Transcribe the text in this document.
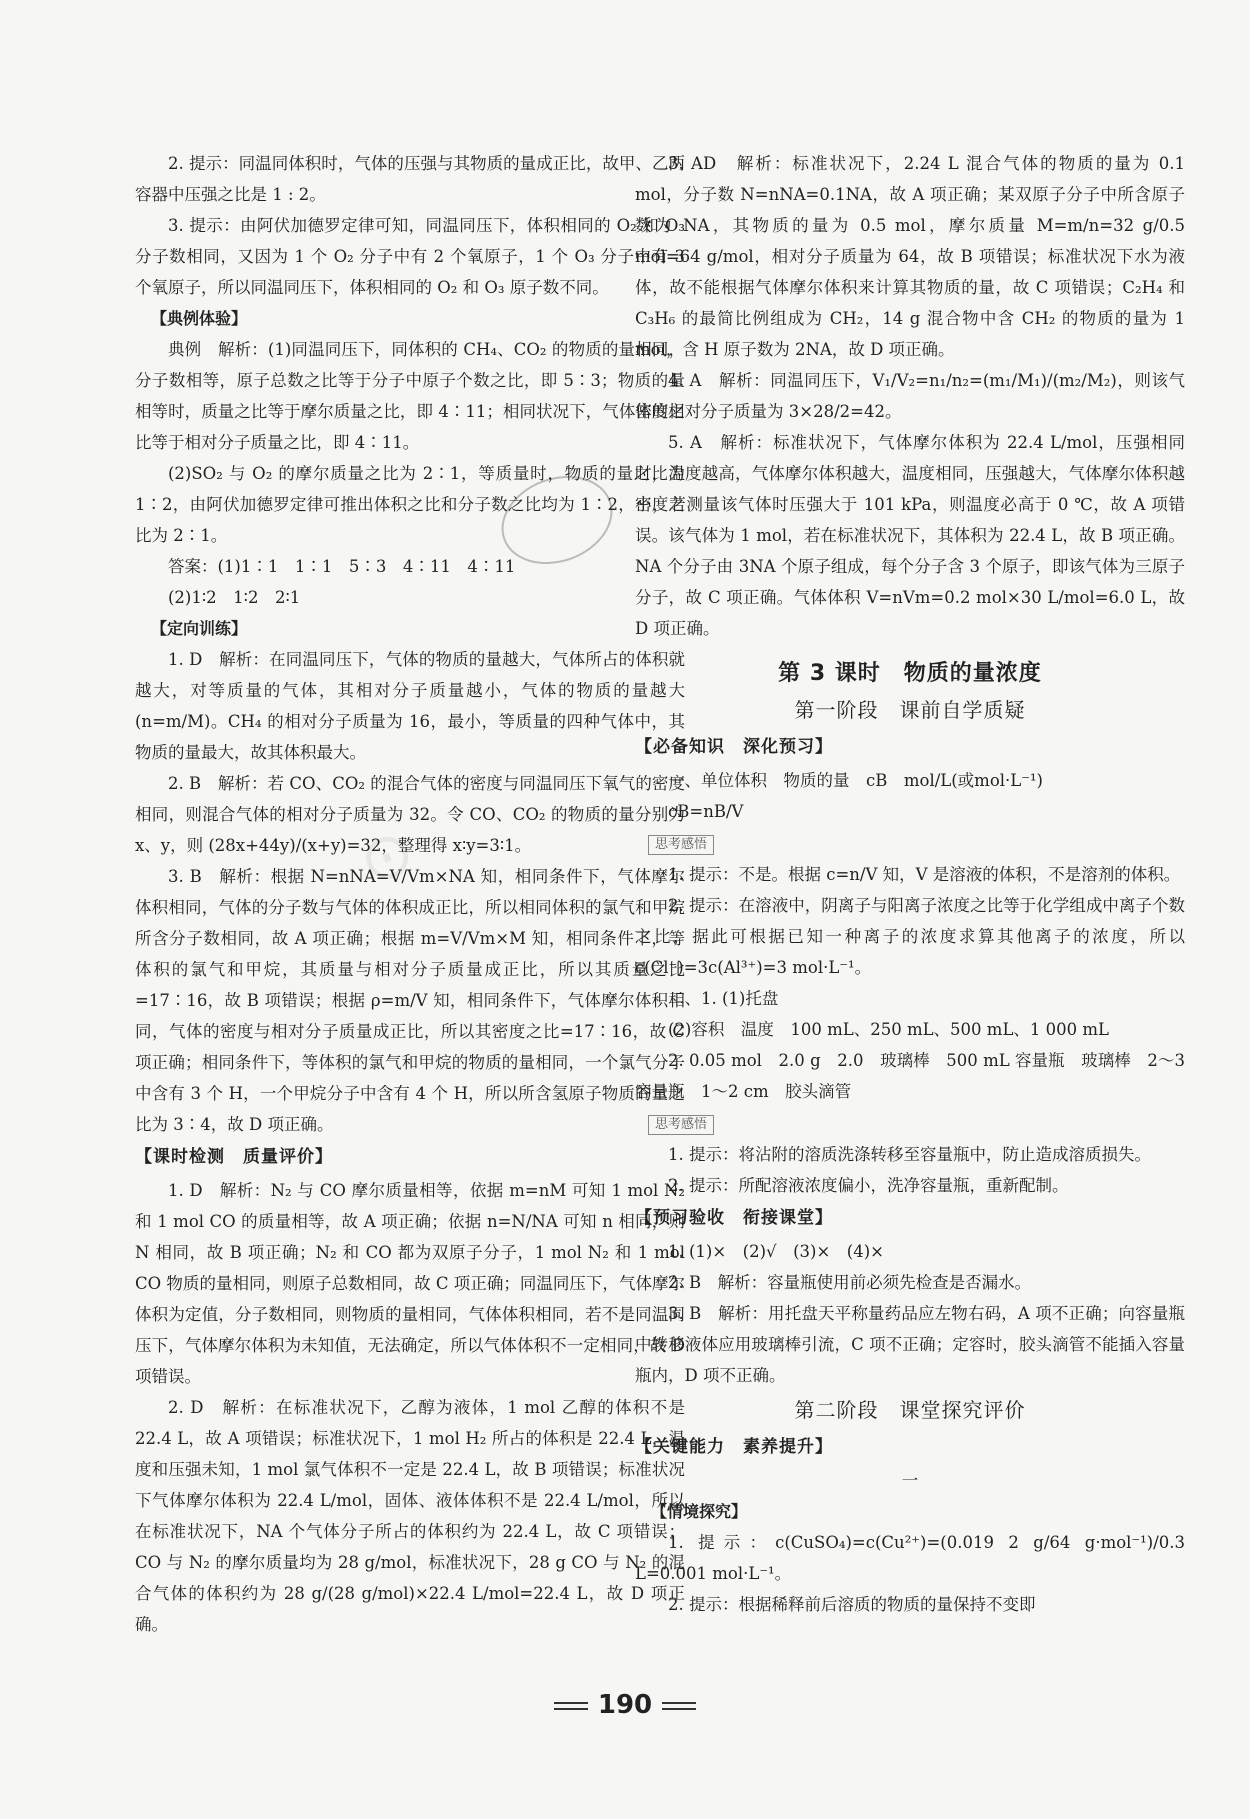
⊙
2. 提示：同温同体积时，气体的压强与其物质的量成正比，故甲、乙两容器中压强之比是 1 : 2。
3. 提示：由阿伏加德罗定律可知，同温同压下，体积相同的 O₂ 和 O₃ 分子数相同，又因为 1 个 O₂ 分子中有 2 个氧原子，1 个 O₃ 分子中有 3 个氧原子，所以同温同压下，体积相同的 O₂ 和 O₃ 原子数不同。
【典例体验】
典例　解析：(1)同温同压下，同体积的 CH₄、CO₂ 的物质的量相同，分子数相等，原子总数之比等于分子中原子个数之比，即 5∶3；物质的量相等时，质量之比等于摩尔质量之比，即 4∶11；相同状况下，气体密度之比等于相对分子质量之比，即 4∶11。
(2)SO₂ 与 O₂ 的摩尔质量之比为 2∶1，等质量时，物质的量之比为 1∶2，由阿伏加德罗定律可推出体积之比和分子数之比均为 1∶2，密度之比为 2∶1。
答案：(1)1∶1　1∶1　5∶3　4∶11　4∶11
(2)1∶2　1∶2　2∶1
【定向训练】
1. D　解析：在同温同压下，气体的物质的量越大，气体所占的体积就越大，对等质量的气体，其相对分子质量越小，气体的物质的量越大(n=m/M)。CH₄ 的相对分子质量为 16，最小，等质量的四种气体中，其物质的量最大，故其体积最大。
2. B　解析：若 CO、CO₂ 的混合气体的密度与同温同压下氧气的密度相同，则混合气体的相对分子质量为 32。令 CO、CO₂ 的物质的量分别为 x、y，则 (28x+44y)/(x+y)=32，整理得 x∶y=3∶1。
3. B　解析：根据 N=nNA=V/Vm×NA 知，相同条件下，气体摩尔体积相同，气体的分子数与气体的体积成正比，所以相同体积的氯气和甲烷所含分子数相同，故 A 项正确；根据 m=V/Vm×M 知，相同条件下，等体积的氯气和甲烷，其质量与相对分子质量成正比，所以其质量之比=17∶16，故 B 项错误；根据 ρ=m/V 知，相同条件下，气体摩尔体积相同，气体的密度与相对分子质量成正比，所以其密度之比=17∶16，故 C 项正确；相同条件下，等体积的氯气和甲烷的物质的量相同，一个氯气分子中含有 3 个 H，一个甲烷分子中含有 4 个 H，所以所含氢原子物质的量之比为 3∶4，故 D 项正确。
【课时检测　质量评价】
1. D　解析：N₂ 与 CO 摩尔质量相等，依据 m=nM 可知 1 mol N₂ 和 1 mol CO 的质量相等，故 A 项正确；依据 n=N/NA 可知 n 相同，则 N 相同，故 B 项正确；N₂ 和 CO 都为双原子分子，1 mol N₂ 和 1 mol CO 物质的量相同，则原子总数相同，故 C 项正确；同温同压下，气体摩尔体积为定值，分子数相同，则物质的量相同，气体体积相同，若不是同温同压下，气体摩尔体积为未知值，无法确定，所以气体体积不一定相同，故 D 项错误。
2. D　解析：在标准状况下，乙醇为液体，1 mol 乙醇的体积不是 22.4 L，故 A 项错误；标准状况下，1 mol H₂ 所占的体积是 22.4 L，温度和压强未知，1 mol 氯气体积不一定是 22.4 L，故 B 项错误；标准状况下气体摩尔体积为 22.4 L/mol，固体、液体体积不是 22.4 L/mol，所以在标准状况下，NA 个气体分子所占的体积约为 22.4 L，故 C 项错误；CO 与 N₂ 的摩尔质量均为 28 g/mol，标准状况下，28 g CO 与 N₂ 的混合气体的体积约为 28 g/(28 g/mol)×22.4 L/mol=22.4 L，故 D 项正确。
3. AD　解析：标准状况下，2.24 L 混合气体的物质的量为 0.1 mol，分子数 N=nNA=0.1NA，故 A 项正确；某双原子分子中所含原子数为 NA，其物质的量为 0.5 mol，摩尔质量 M=m/n=32 g/0.5 mol=64 g/mol，相对分子质量为 64，故 B 项错误；标准状况下水为液体，故不能根据气体摩尔体积来计算其物质的量，故 C 项错误；C₂H₄ 和 C₃H₆ 的最简比例组成为 CH₂，14 g 混合物中含 CH₂ 的物质的量为 1 mol，含 H 原子数为 2NA，故 D 项正确。
4. A　解析：同温同压下，V₁/V₂=n₁/n₂=(m₁/M₁)/(m₂/M₂)，则该气体的相对分子质量为 3×28/2=42。
5. A　解析：标准状况下，气体摩尔体积为 22.4 L/mol，压强相同时，温度越高，气体摩尔体积越大，温度相同，压强越大，气体摩尔体积越小，若测量该气体时压强大于 101 kPa，则温度必高于 0 ℃，故 A 项错误。该气体为 1 mol，若在标准状况下，其体积为 22.4 L，故 B 项正确。NA 个分子由 3NA 个原子组成，每个分子含 3 个原子，即该气体为三原子分子，故 C 项正确。气体体积 V=nVm=0.2 mol×30 L/mol=6.0 L，故 D 项正确。
第 3 课时　物质的量浓度
第一阶段　课前自学质疑
【必备知识　深化预习】
一、单位体积　物质的量　cB　mol/L(或mol·L⁻¹)
cB=nB/V
思考感悟
1. 提示：不是。根据 c=n/V 知，V 是溶液的体积，不是溶剂的体积。
2. 提示：在溶液中，阴离子与阳离子浓度之比等于化学组成中离子个数之比，据此可根据已知一种离子的浓度求算其他离子的浓度，所以 c(Cl⁻)=3c(Al³⁺)=3 mol·L⁻¹。
二、1. (1)托盘
(2)容积　温度　100 mL、250 mL、500 mL、1 000 mL
2. 0.05 mol　2.0 g　2.0　玻璃棒　500 mL 容量瓶　玻璃棒　2～3　容量瓶　1～2 cm　胶头滴管
思考感悟
1. 提示：将沾附的溶质洗涤转移至容量瓶中，防止造成溶质损失。
2. 提示：所配溶液浓度偏小，洗净容量瓶，重新配制。
【预习验收　衔接课堂】
1. (1)×　(2)√　(3)×　(4)×
2. B　解析：容量瓶使用前必须先检查是否漏水。
3. B　解析：用托盘天平称量药品应左物右码，A 项不正确；向容量瓶中转移液体应用玻璃棒引流，C 项不正确；定容时，胶头滴管不能插入容量瓶内，D 项不正确。
第二阶段　课堂探究评价
【关键能力　素养提升】
一
【情境探究】
1. 提示：c(CuSO₄)=c(Cu²⁺)=(0.019 2 g/64 g·mol⁻¹)/0.3 L=0.001 mol·L⁻¹。
2. 提示：根据稀释前后溶质的物质的量保持不变即
190
